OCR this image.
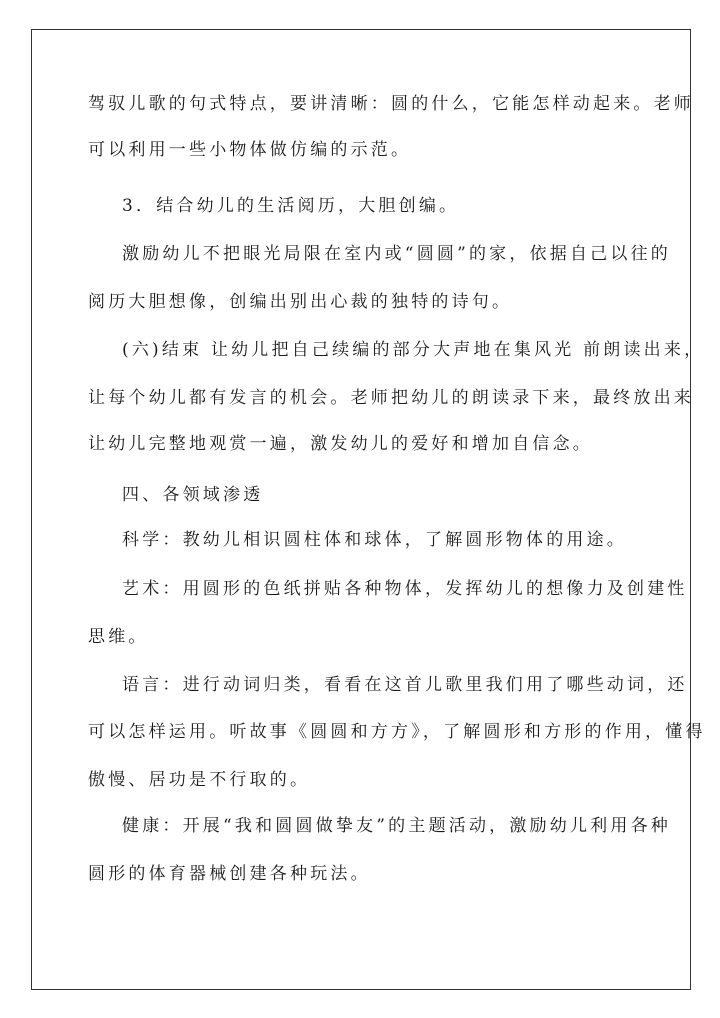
驾驭儿歌的句式特点，要讲清晰：圆的什么，它能怎样动起来。老师
可以利用一些小物体做仿编的示范。
3．结合幼儿的生活阅历，大胆创编。
激励幼儿不把眼光局限在室内或“圆圆”的家，依据自己以往的
阅历大胆想像，创编出别出心裁的独特的诗句。
(六)结束 让幼儿把自己续编的部分大声地在集风光 前朗读出来，
让每个幼儿都有发言的机会。老师把幼儿的朗读录下来，最终放出来
让幼儿完整地观赏一遍，激发幼儿的爱好和增加自信念。
四、各领域渗透
科学：教幼儿相识圆柱体和球体，了解圆形物体的用途。
艺术：用圆形的色纸拼贴各种物体，发挥幼儿的想像力及创建性
思维。
语言：进行动词归类，看看在这首儿歌里我们用了哪些动词，还
可以怎样运用。听故事《圆圆和方方》，了解圆形和方形的作用，懂得
傲慢、居功是不行取的。
健康：开展“我和圆圆做挚友”的主题活动，激励幼儿利用各种
圆形的体育器械创建各种玩法。
